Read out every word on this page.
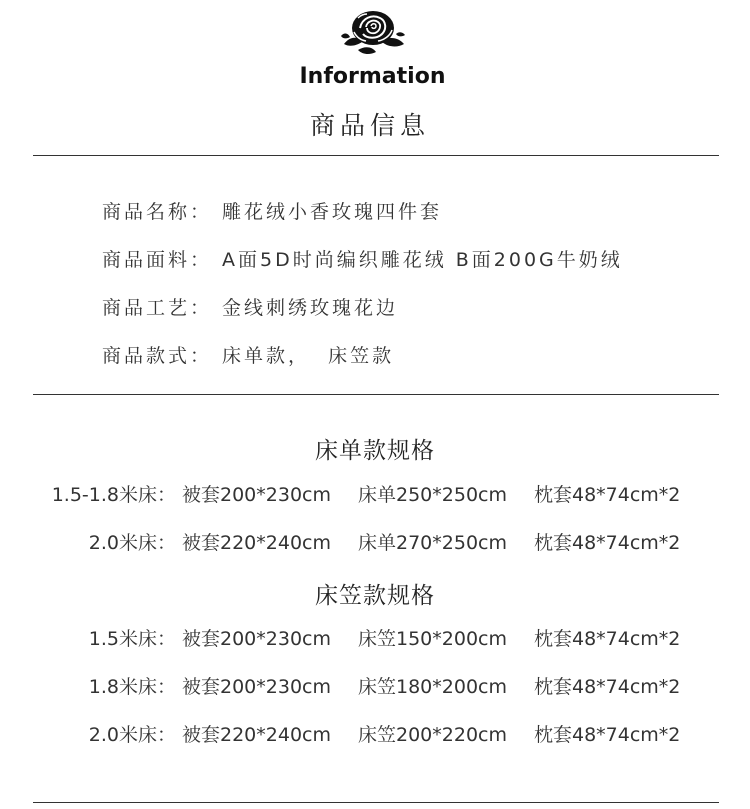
Information
商品信息
商品名称： 雕花绒小香玫瑰四件套
商品面料： A面5D时尚编织雕花绒 B面200G牛奶绒
商品工艺： 金线刺绣玫瑰花边
商品款式： 床单款，  床笠款
床单款规格
1.5-1.8米床： 被套200*230cm 床单250*250cm 枕套48*74cm*2
2.0米床： 被套220*240cm 床单270*250cm 枕套48*74cm*2
床笠款规格
1.5米床： 被套200*230cm 床笠150*200cm 枕套48*74cm*2
1.8米床： 被套200*230cm 床笠180*200cm 枕套48*74cm*2
2.0米床： 被套220*240cm 床笠200*220cm 枕套48*74cm*2
